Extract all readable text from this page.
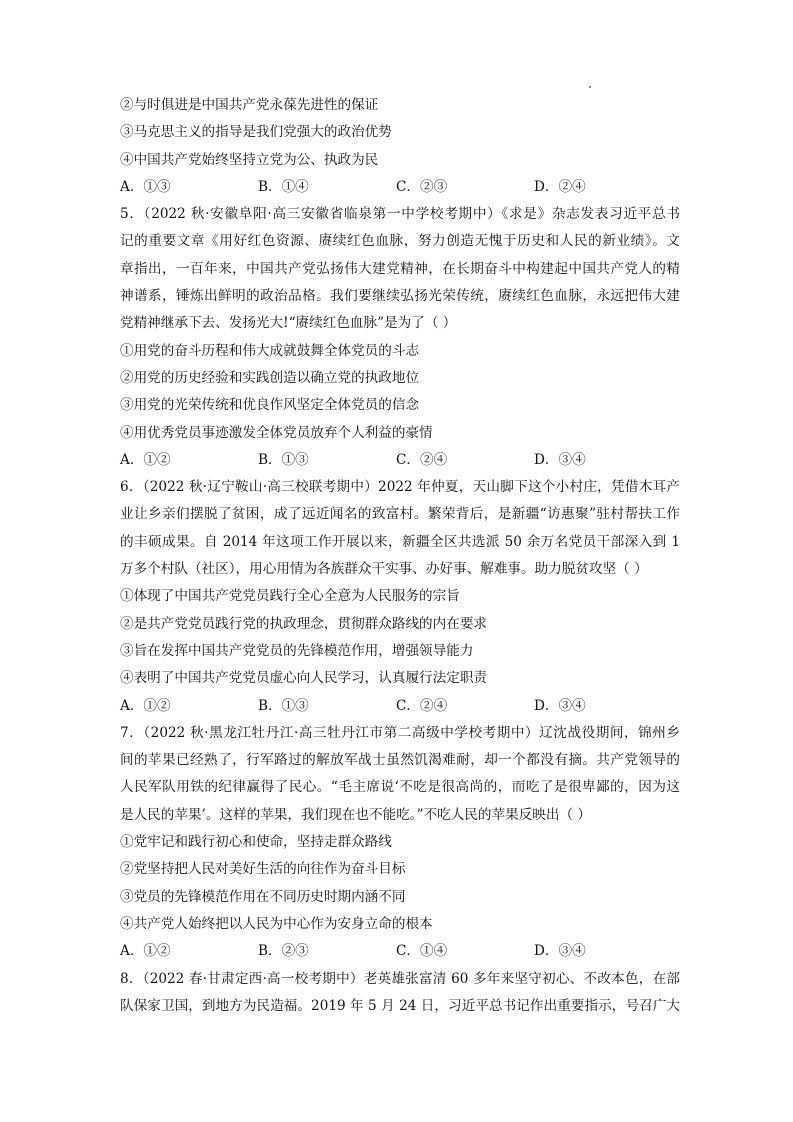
②与时俱进是中国共产党永葆先进性的保证
③马克思主义的指导是我们党强大的政治优势
④中国共产党始终坚持立党为公、执政为民
A．①③	B．①④	C．②③	D．②④
5．（2022 秋·安徽阜阳·高三安徽省临泉第一中学校考期中）《求是》杂志发表习近平总书
记的重要文章《用好红色资源、赓续红色血脉，努力创造无愧于历史和人民的新业绩》。文
章指出，一百年来，中国共产党弘扬伟大建党精神，在长期奋斗中构建起中国共产党人的精
神谱系，锤炼出鲜明的政治品格。我们要继续弘扬光荣传统，赓续红色血脉，永远把伟大建
党精神继承下去、发扬光大!“赓续红色血脉”是为了（ ）
①用党的奋斗历程和伟大成就鼓舞全体党员的斗志
②用党的历史经验和实践创造以确立党的执政地位
③用党的光荣传统和优良作风坚定全体党员的信念
④用优秀党员事迹激发全体党员放弃个人利益的豪情
A．①②	B．①③	C．②④	D．③④
6．（2022 秋·辽宁鞍山·高三校联考期中）2022 年仲夏，天山脚下这个小村庄，凭借木耳产
业让乡亲们摆脱了贫困，成了远近闻名的致富村。繁荣背后，是新疆“访惠聚”驻村帮扶工作
的丰硕成果。自 2014 年这项工作开展以来，新疆全区共选派 50 余万名党员干部深入到 1
万多个村队（社区），用心用情为各族群众干实事、办好事、解难事。助力脱贫攻坚（ ）
①体现了中国共产党党员践行全心全意为人民服务的宗旨
②是共产党党员践行党的执政理念，贯彻群众路线的内在要求
③旨在发挥中国共产党党员的先锋模范作用，增强领导能力
④表明了中国共产党党员虚心向人民学习，认真履行法定职责
A．①②	B．①③	C．②④	D．③④
7．（2022 秋·黑龙江牡丹江·高三牡丹江市第二高级中学校考期中）辽沈战役期间，锦州乡
间的苹果已经熟了，行军路过的解放军战士虽然饥渴难耐，却一个都没有摘。共产党领导的
人民军队用铁的纪律赢得了民心。“毛主席说‘不吃是很高尚的，而吃了是很卑鄙的，因为这
是人民的苹果’。这样的苹果，我们现在也不能吃。”不吃人民的苹果反映出（ ）
①党牢记和践行初心和使命，坚持走群众路线
②党坚持把人民对美好生活的向往作为奋斗目标
③党员的先锋模范作用在不同历史时期内涵不同
④共产党人始终把以人民为中心作为安身立命的根本
A．①②	B．②③	C．①④	D．③④
8．（2022 春·甘肃定西·高一校考期中）老英雄张富清 60 多年来坚守初心、不改本色，在部
队保家卫国，到地方为民造福。2019 年 5 月 24 日，习近平总书记作出重要指示，号召广大
